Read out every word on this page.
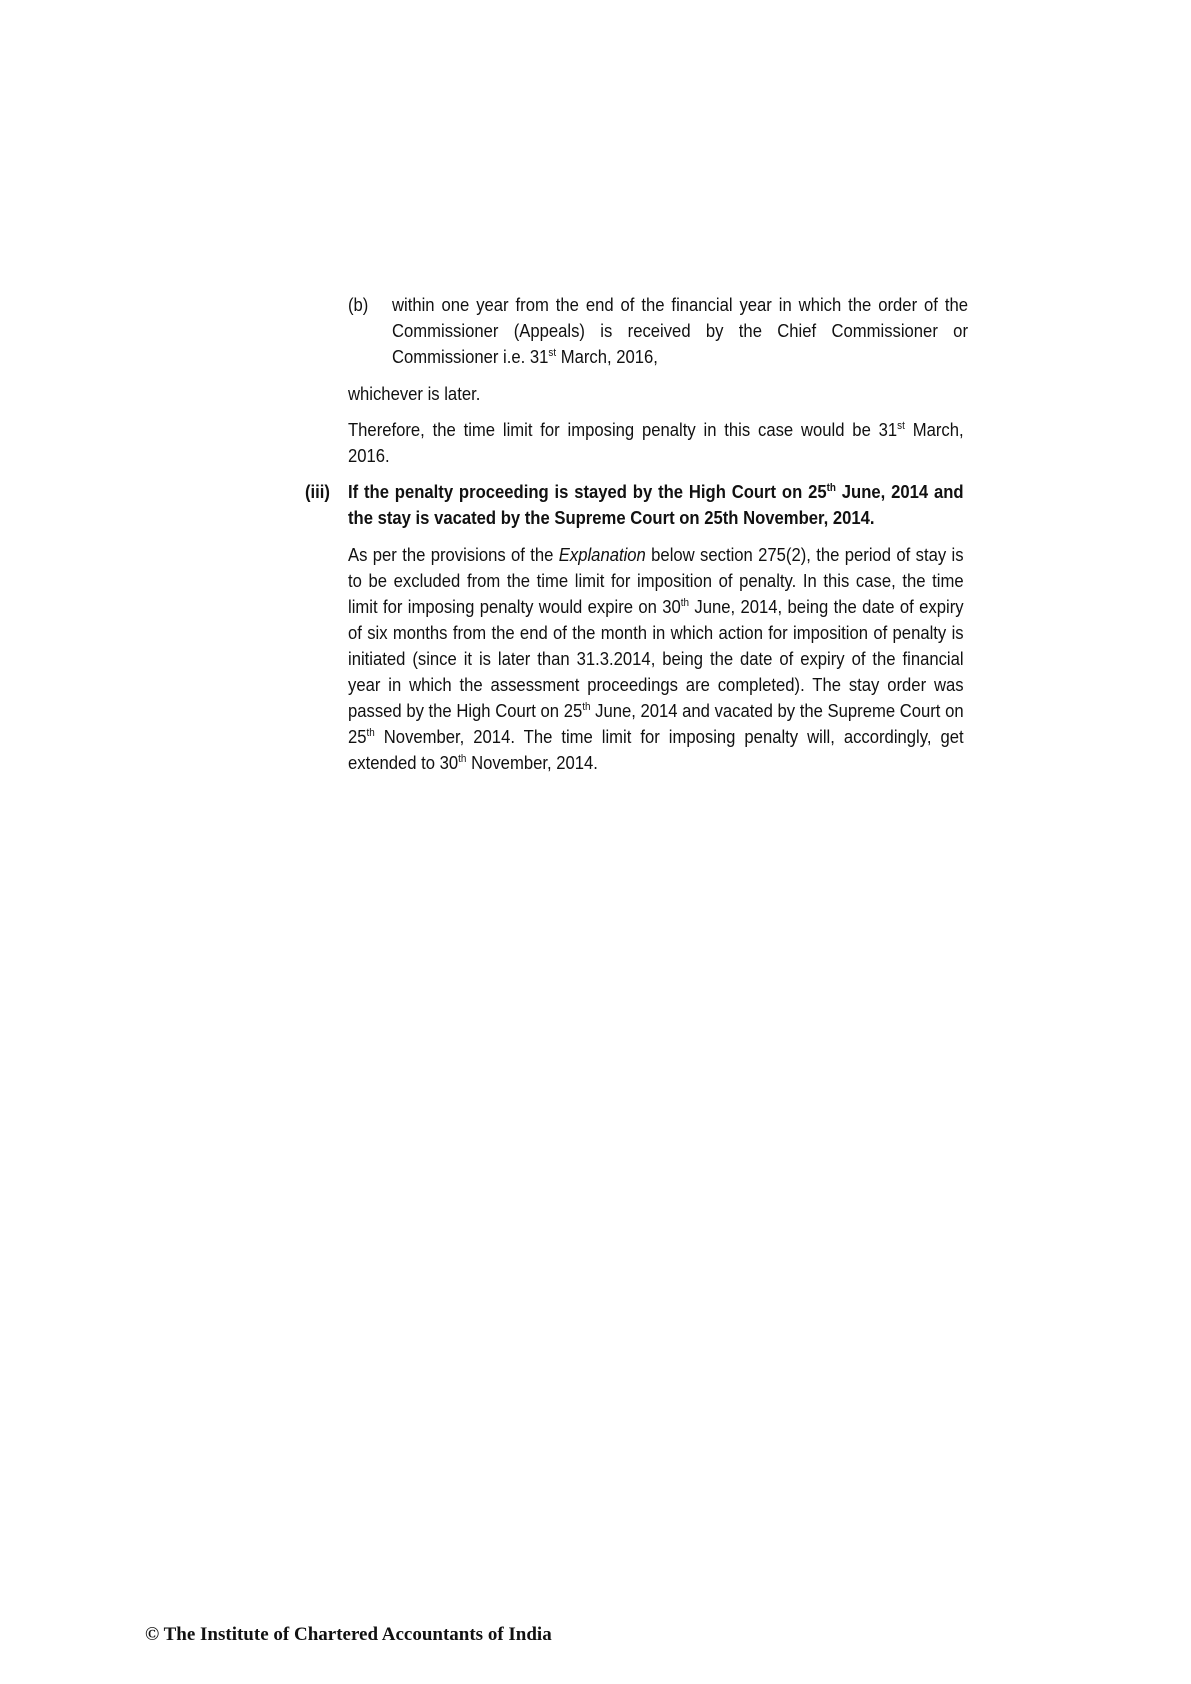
(b) within one year from the end of the financial year in which the order of the Commissioner (Appeals) is received by the Chief Commissioner or Commissioner i.e. 31st March, 2016,
whichever is later.
Therefore, the time limit for imposing penalty in this case would be 31st March, 2016.
(iii) If the penalty proceeding is stayed by the High Court on 25th June, 2014 and the stay is vacated by the Supreme Court on 25th November, 2014.
As per the provisions of the Explanation below section 275(2), the period of stay is to be excluded from the time limit for imposition of penalty. In this case, the time limit for imposing penalty would expire on 30th June, 2014, being the date of expiry of six months from the end of the month in which action for imposition of penalty is initiated (since it is later than 31.3.2014, being the date of expiry of the financial year in which the assessment proceedings are completed). The stay order was passed by the High Court on 25th June, 2014 and vacated by the Supreme Court on 25th November, 2014. The time limit for imposing penalty will, accordingly, get extended to 30th November, 2014.
© The Institute of Chartered Accountants of India
